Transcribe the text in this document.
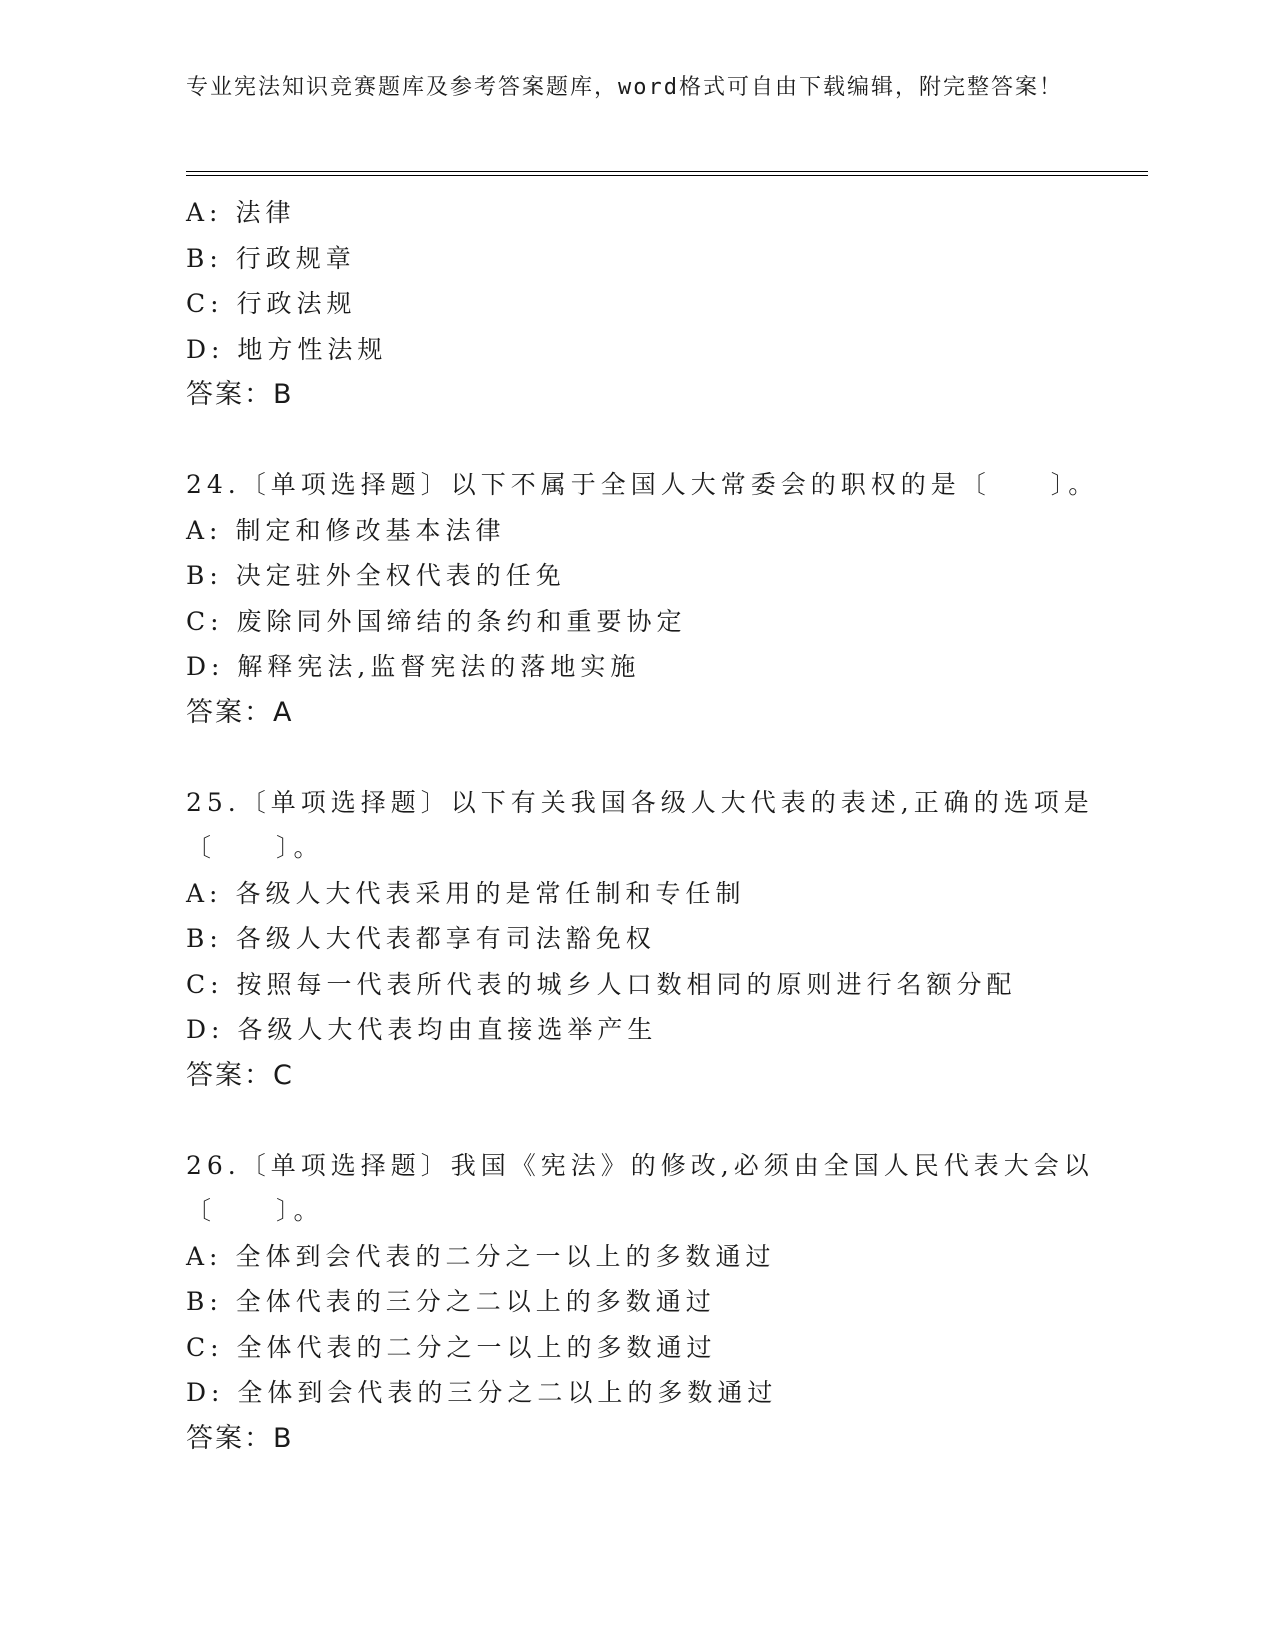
专业宪法知识竞赛题库及参考答案题库，word格式可自由下载编辑，附完整答案！
A: 法律
B: 行政规章
C: 行政法规
D: 地方性法规
答案：B
24.〔单项选择题〕以下不属于全国人大常委会的职权的是〔　　〕。
A: 制定和修改基本法律
B: 决定驻外全权代表的任免
C: 废除同外国缔结的条约和重要协定
D: 解释宪法,监督宪法的落地实施
答案：A
25.〔单项选择题〕以下有关我国各级人大代表的表述,正确的选项是
〔　　〕。
A: 各级人大代表采用的是常任制和专任制
B: 各级人大代表都享有司法豁免权
C: 按照每一代表所代表的城乡人口数相同的原则进行名额分配
D: 各级人大代表均由直接选举产生
答案：C
26.〔单项选择题〕我国《宪法》的修改,必须由全国人民代表大会以
〔　　〕。
A: 全体到会代表的二分之一以上的多数通过
B: 全体代表的三分之二以上的多数通过
C: 全体代表的二分之一以上的多数通过
D: 全体到会代表的三分之二以上的多数通过
答案：B
